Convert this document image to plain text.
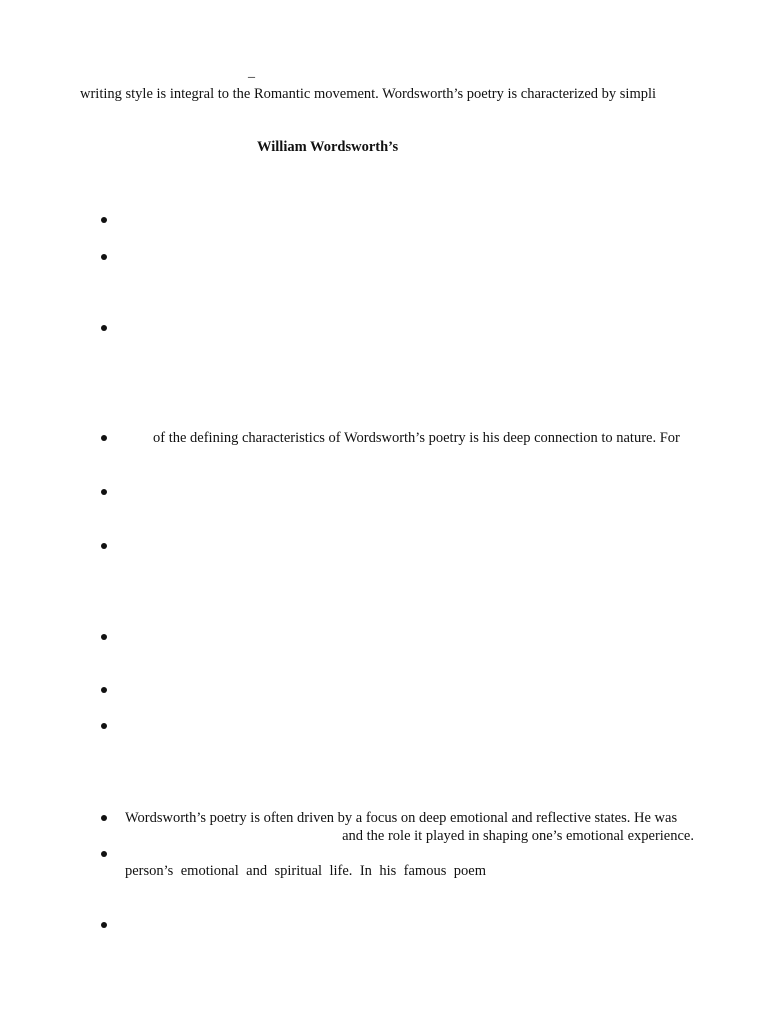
_
writing style is integral to the Romantic movement. Wordsworth’s poetry is characterized by simpli
William Wordsworth’s
of the defining characteristics of Wordsworth’s poetry is his deep connection to nature. For
Wordsworth’s poetry is often driven by a focus on deep emotional and reflective states. He was
and the role it played in shaping one’s emotional experience.
person’s emotional and spiritual life. In his famous poem
